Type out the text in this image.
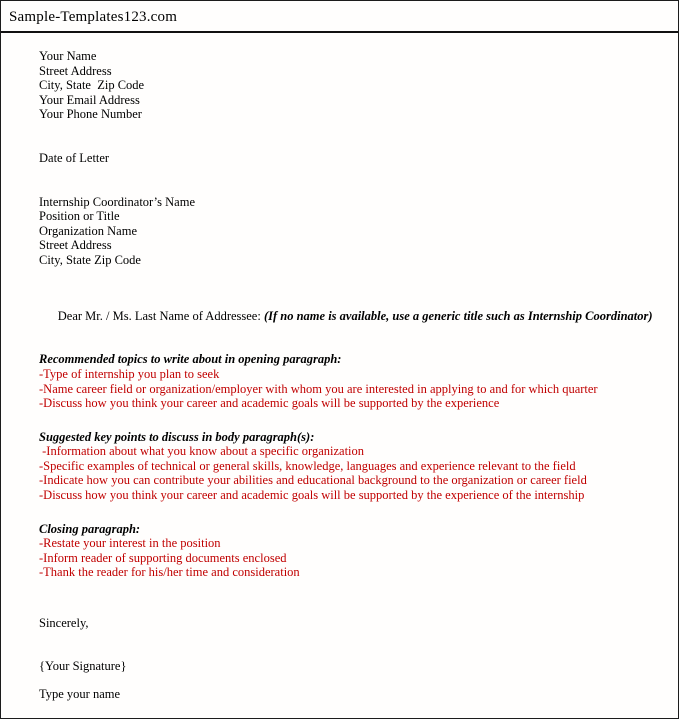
Sample-Templates123.com
Your Name
Street Address
City, State  Zip Code
Your Email Address
Your Phone Number
Date of Letter
Internship Coordinator’s Name
Position or Title
Organization Name
Street Address
City, State Zip Code

Dear Mr. / Ms. Last Name of Addressee: (If no name is available, use a generic title such as Internship Coordinator)

Recommended topics to write about in opening paragraph:
-Type of internship you plan to seek
-Name career field or organization/employer with whom you are interested in applying to and for which quarter
-Discuss how you think your career and academic goals will be supported by the experience
Suggested key points to discuss in body paragraph(s):
-Information about what you know about a specific organization
-Specific examples of technical or general skills, knowledge, languages and experience relevant to the field
-Indicate how you can contribute your abilities and educational background to the organization or career field
-Discuss how you think your career and academic goals will be supported by the experience of the internship
Closing paragraph:
-Restate your interest in the position
-Inform reader of supporting documents enclosed
-Thank the reader for his/her time and consideration
Sincerely,
{Your Signature}
Type your name
